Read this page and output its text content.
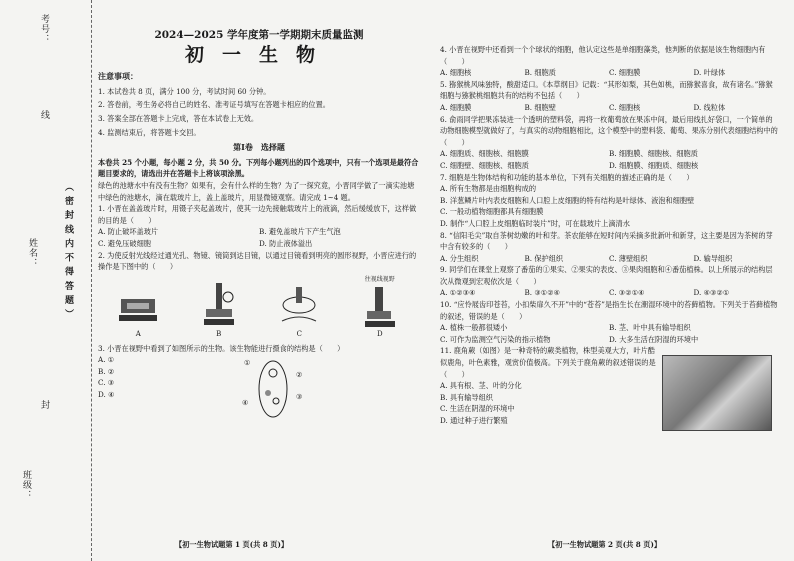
考号：
线
姓名：	（ 密 封 线 内 不 得 答 题 ）
封
班级：
2024—2025 学年度第一学期期末质量监测
初一生物
注意事项：

1. 本试卷共 8 页，满分 100 分，考试时间 60 分钟。

2. 答卷前，考生务必将自己的姓名、准考证号填写在答题卡相应的位置。

3. 答案全部在答题卡上完成，答在本试卷上无效。

4. 监测结束后，将答题卡交回。

第Ⅰ卷　选择题

本卷共 25 个小题，每小题 2 分，共 50 分。下列每小题列出的四个选项中，只有一个选项是最符合题目要求的，请选出并在答题卡上将该项涂黑。

绿色的池塘水中有没有生物？如果有，会有什么样的生物？为了一探究竟，小晋同学做了一滴实池塘中绿色的池塘水，滴在载玻片上，盖上盖玻片，用显微镜观察。请完成 1~4 题。

1. 小晋在盖盖玻片时，用镊子夹起盖玻片，使其一边先接触载玻片上的液滴，然后缓缓放下，这样做的目的是（　　）

A. 防止破坏盖玻片	B. 避免盖玻片下产生气泡
C. 避免压破细胞	D. 防止液体溢出

2. 为使反射光线经过通光孔、物镜、镜筒到达目镜，以通过目镜看到明亮的圆形视野，小晋应进行的操作是下图中的（　　）

A	B	C
往视线视野
D

3. 小晋在视野中看到了如图所示的生物。该生物能进行摄食的结构是（　　）

A. ①
B. ②
C. ③
D. ④
①
②
③
④
【初一生物试题第 1 页(共 8 页)】

4. 小晋在视野中还看到一个个球状的细胞，他认定这些是单细胞藻类，他判断的依据是该生物细胞内有（　　）

A. 细胞核	B. 细胞质	C. 细胞膜	D. 叶绿体

5. 猕猴桃风味独特，酸甜适口。《本草纲目》记载：“其形如梨，其色如桃，而猕猴喜食，故有诸名。”猕猴细胞与猕猴桃细胞共有的结构不包括（　　）

A. 细胞膜	B. 细胞壁	C. 细胞核	D. 线粒体

6. 俞雨同学把果冻装进一个透明的塑料袋，再将一枚葡萄放在果冻中间，最后用线扎好袋口，一个简单的动物细胞模型就做好了，与真实的动物细胞相比，这个模型中的塑料袋、葡萄、果冻分别代表细胞结构中的（　　）

A. 细胞质、细胞核、细胞膜	B. 细胞膜、细胞核、细胞质
C. 细胞壁、细胞核、细胞质	D. 细胞膜、细胞质、细胞核

7. 细胞是生物体结构和功能的基本单位，下列有关细胞的描述正确的是（　　）

A. 所有生物都是由细胞构成的
B. 洋葱鳞片叶内表皮细胞和人口腔上皮细胞的特有结构是叶绿体、液泡和细胞壁
C. 一般动植物细胞都具有细胞膜
D. 制作“人口腔上皮细胞临时装片”时，可在载玻片上滴清水

8. “信阳毛尖”取自茶树幼嫩的叶和芽。茶农能够在短时间内采摘多批新叶和新芽，这主要是因为茶树的芽中含有较多的（　　）

A. 分生组织	B. 保护组织	C. 薄壁组织	D. 输导组织

9. 同学们在课堂上观察了番茄的①果实、②果实的表皮、③果肉细胞和④番茄植株。以上所展示的结构层次从微观到宏观依次是（　　）

A. ①②③④	B. ③①②④	C. ③②①④	D. ④③②①

10. “应怜屐齿印苍苔，小扣柴扉久不开”中的“苍苔”是指生长在潮湿环境中的苔藓植物。下列关于苔藓植物的叙述，错误的是（　　）

A. 植株一般都很矮小	B. 茎、叶中具有输导组织
C. 可作为监测空气污染的指示植物	D. 大多生活在阴湿的环境中

11. 鹿角蕨（如图）是一种奇特的蕨类植物，株型美观大方，叶片酷似鹿角，叶色素雅，观赏价值极高。下列关于鹿角蕨的叙述错误的是（　　）

A. 具有根、茎、叶的分化
B. 具有输导组织
C. 生活在阴湿的环境中
D. 通过种子进行繁殖
【初一生物试题第 2 页(共 8 页)】
